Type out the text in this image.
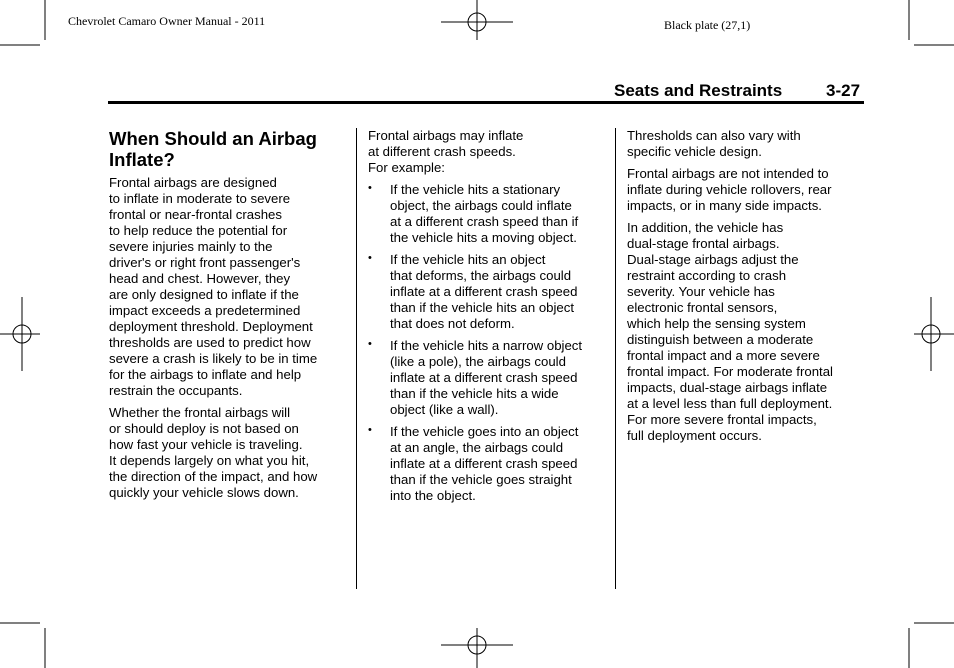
Chevrolet Camaro Owner Manual - 2011	Black plate (27,1)
Seats and Restraints	3-27
When Should an Airbag
Inflate?

Frontal airbags are designed
to inflate in moderate to severe
frontal or near-frontal crashes
to help reduce the potential for
severe injuries mainly to the
driver's or right front passenger's
head and chest. However, they
are only designed to inflate if the
impact exceeds a predetermined
deployment threshold. Deployment
thresholds are used to predict how
severe a crash is likely to be in time
for the airbags to inflate and help
restrain the occupants.

Whether the frontal airbags will
or should deploy is not based on
how fast your vehicle is traveling.
It depends largely on what you hit,
the direction of the impact, and how
quickly your vehicle slows down.

Frontal airbags may inflate
at different crash speeds.
For example:

• If the vehicle hits a stationary
object, the airbags could inflate
at a different crash speed than if
the vehicle hits a moving object.
• If the vehicle hits an object
that deforms, the airbags could
inflate at a different crash speed
than if the vehicle hits an object
that does not deform.
• If the vehicle hits a narrow object
(like a pole), the airbags could
inflate at a different crash speed
than if the vehicle hits a wide
object (like a wall).
• If the vehicle goes into an object
at an angle, the airbags could
inflate at a different crash speed
than if the vehicle goes straight
into the object.

Thresholds can also vary with
specific vehicle design.

Frontal airbags are not intended to
inflate during vehicle rollovers, rear
impacts, or in many side impacts.

In addition, the vehicle has
dual-stage frontal airbags.
Dual-stage airbags adjust the
restraint according to crash
severity. Your vehicle has
electronic frontal sensors,
which help the sensing system
distinguish between a moderate
frontal impact and a more severe
frontal impact. For moderate frontal
impacts, dual-stage airbags inflate
at a level less than full deployment.
For more severe frontal impacts,
full deployment occurs.
